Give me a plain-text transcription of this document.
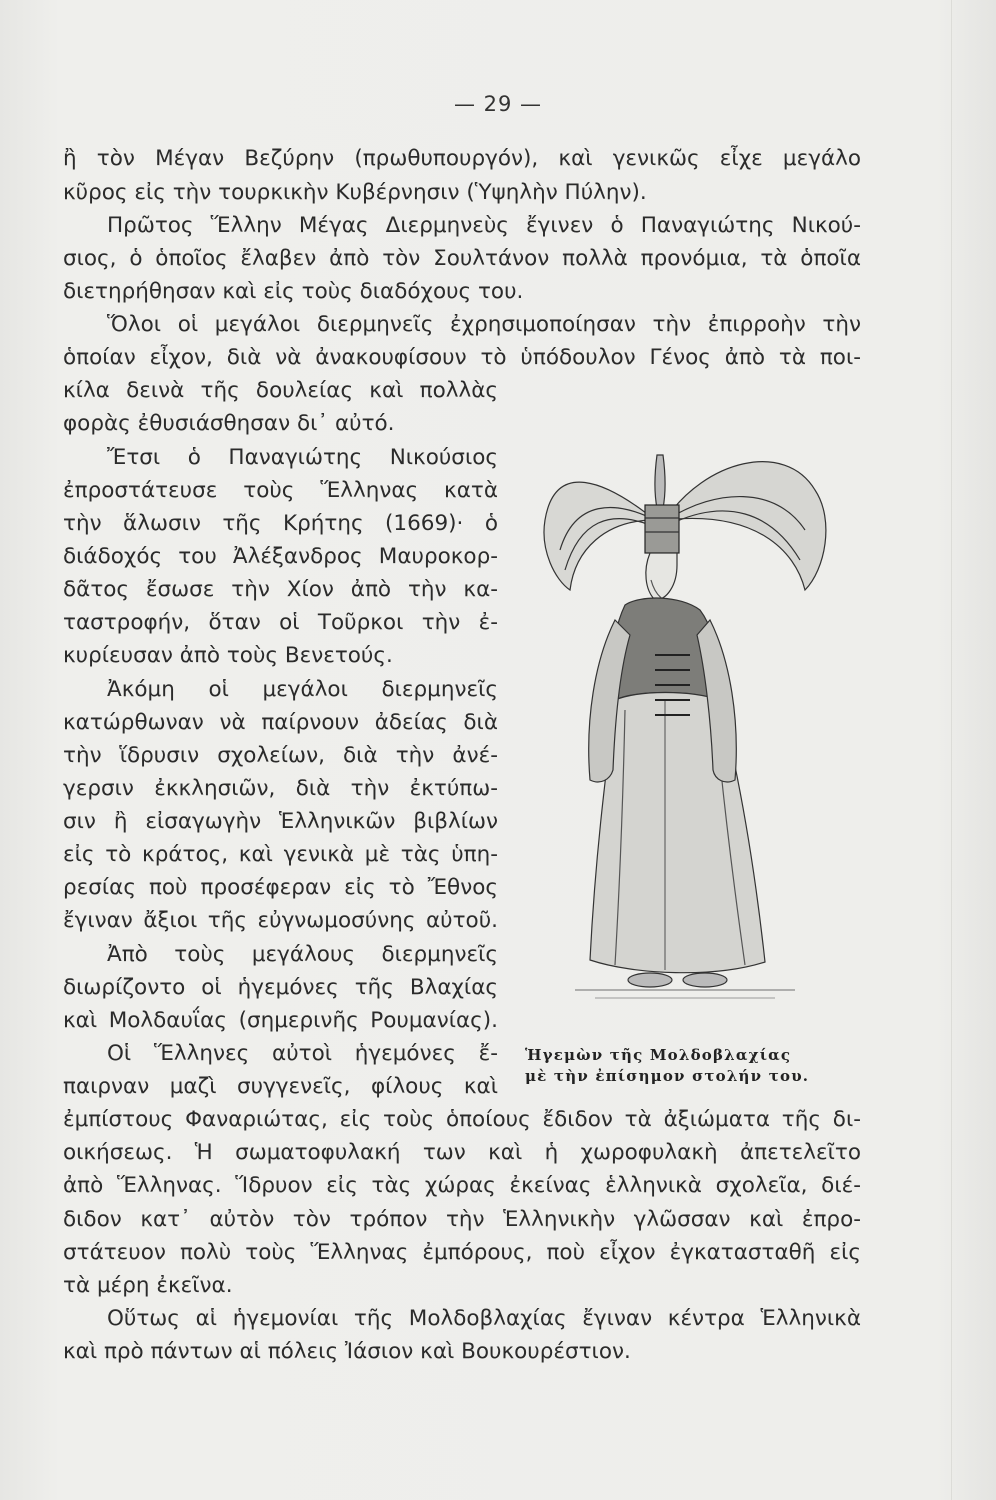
— 29 —
ἢ τὸν Μέγαν Βεζύρην (πρωθυπουργόν), καὶ γενικῶς εἶχε μεγάλο
κῦρος εἰς τὴν τουρκικὴν Κυβέρνησιν (Ὑψηλὴν Πύλην).
Πρῶτος Ἕλλην Μέγας Διερμηνεὺς ἔγινεν ὁ Παναγιώτης Νικού-
σιος, ὁ ὁποῖος ἔλαβεν ἀπὸ τὸν Σουλτάνον πολλὰ προνόμια, τὰ ὁποῖα
διετηρήθησαν καὶ εἰς τοὺς διαδόχους του.
Ὅλοι οἱ μεγάλοι διερμηνεῖς ἐχρησιμοποίησαν τὴν ἐπιρροὴν τὴν
ὁποίαν εἶχον, διὰ νὰ ἀνακουφίσουν τὸ ὑπόδουλον Γένος ἀπὸ τὰ ποι-
κίλα δεινὰ τῆς δουλείας καὶ πολλὰς
φορὰς ἐθυσιάσθησαν δι᾽ αὐτό.
Ἔτσι ὁ Παναγιώτης Νικούσιος
ἐπροστάτευσε τοὺς Ἕλληνας κατὰ
τὴν ἅλωσιν τῆς Κρήτης (1669)· ὁ
διάδοχός του Ἀλέξανδρος Μαυροκορ-
δᾶτος ἔσωσε τὴν Χίον ἀπὸ τὴν κα-
ταστροφήν, ὅταν οἱ Τοῦρκοι τὴν ἐ-
κυρίευσαν ἀπὸ τοὺς Βενετούς.
Ἀκόμη οἱ μεγάλοι διερμηνεῖς
κατώρθωναν νὰ παίρνουν ἀδείας διὰ
τὴν ἵδρυσιν σχολείων, διὰ τὴν ἀνέ-
γερσιν ἐκκλησιῶν, διὰ τὴν ἐκτύπω-
σιν ἢ εἰσαγωγὴν Ἑλληνικῶν βιβλίων
εἰς τὸ κράτος, καὶ γενικὰ μὲ τὰς ὑπη-
ρεσίας ποὺ προσέφεραν εἰς τὸ Ἔθνος
ἔγιναν ἄξιοι τῆς εὐγνωμοσύνης αὐτοῦ.
Ἀπὸ τοὺς μεγάλους διερμηνεῖς
διωρίζοντο οἱ ἡγεμόνες τῆς Βλαχίας
καὶ Μολδαυΐας (σημερινῆς Ρουμανίας).
Οἱ Ἕλληνες αὐτοὶ ἡγεμόνες ἔ-
παιρναν μαζὶ συγγενεῖς, φίλους καὶ
ἐμπίστους Φαναριώτας, εἰς τοὺς ὁποίους ἔδιδον τὰ ἀξιώματα τῆς δι-
οικήσεως. Ἡ σωματοφυλακή των καὶ ἡ χωροφυλακὴ ἀπετελεῖτο
ἀπὸ Ἕλληνας. Ἵδρυον εἰς τὰς χώρας ἐκείνας ἑλληνικὰ σχολεῖα, διέ-
διδον κατ᾽ αὐτὸν τὸν τρόπον τὴν Ἑλληνικὴν γλῶσσαν καὶ ἐπρο-
στάτευον πολὺ τοὺς Ἕλληνας ἐμπόρους, ποὺ εἶχον ἐγκατασταθῆ εἰς
τὰ μέρη ἐκεῖνα.
Οὕτως αἱ ἡγεμονίαι τῆς Μολδοβλαχίας ἔγιναν κέντρα Ἑλληνικὰ
καὶ πρὸ πάντων αἱ πόλεις Ἰάσιον καὶ Βουκουρέστιον.
Ἡγεμὼν τῆς Μολδοβλαχίας
μὲ τὴν ἐπίσημον στολήν του.
